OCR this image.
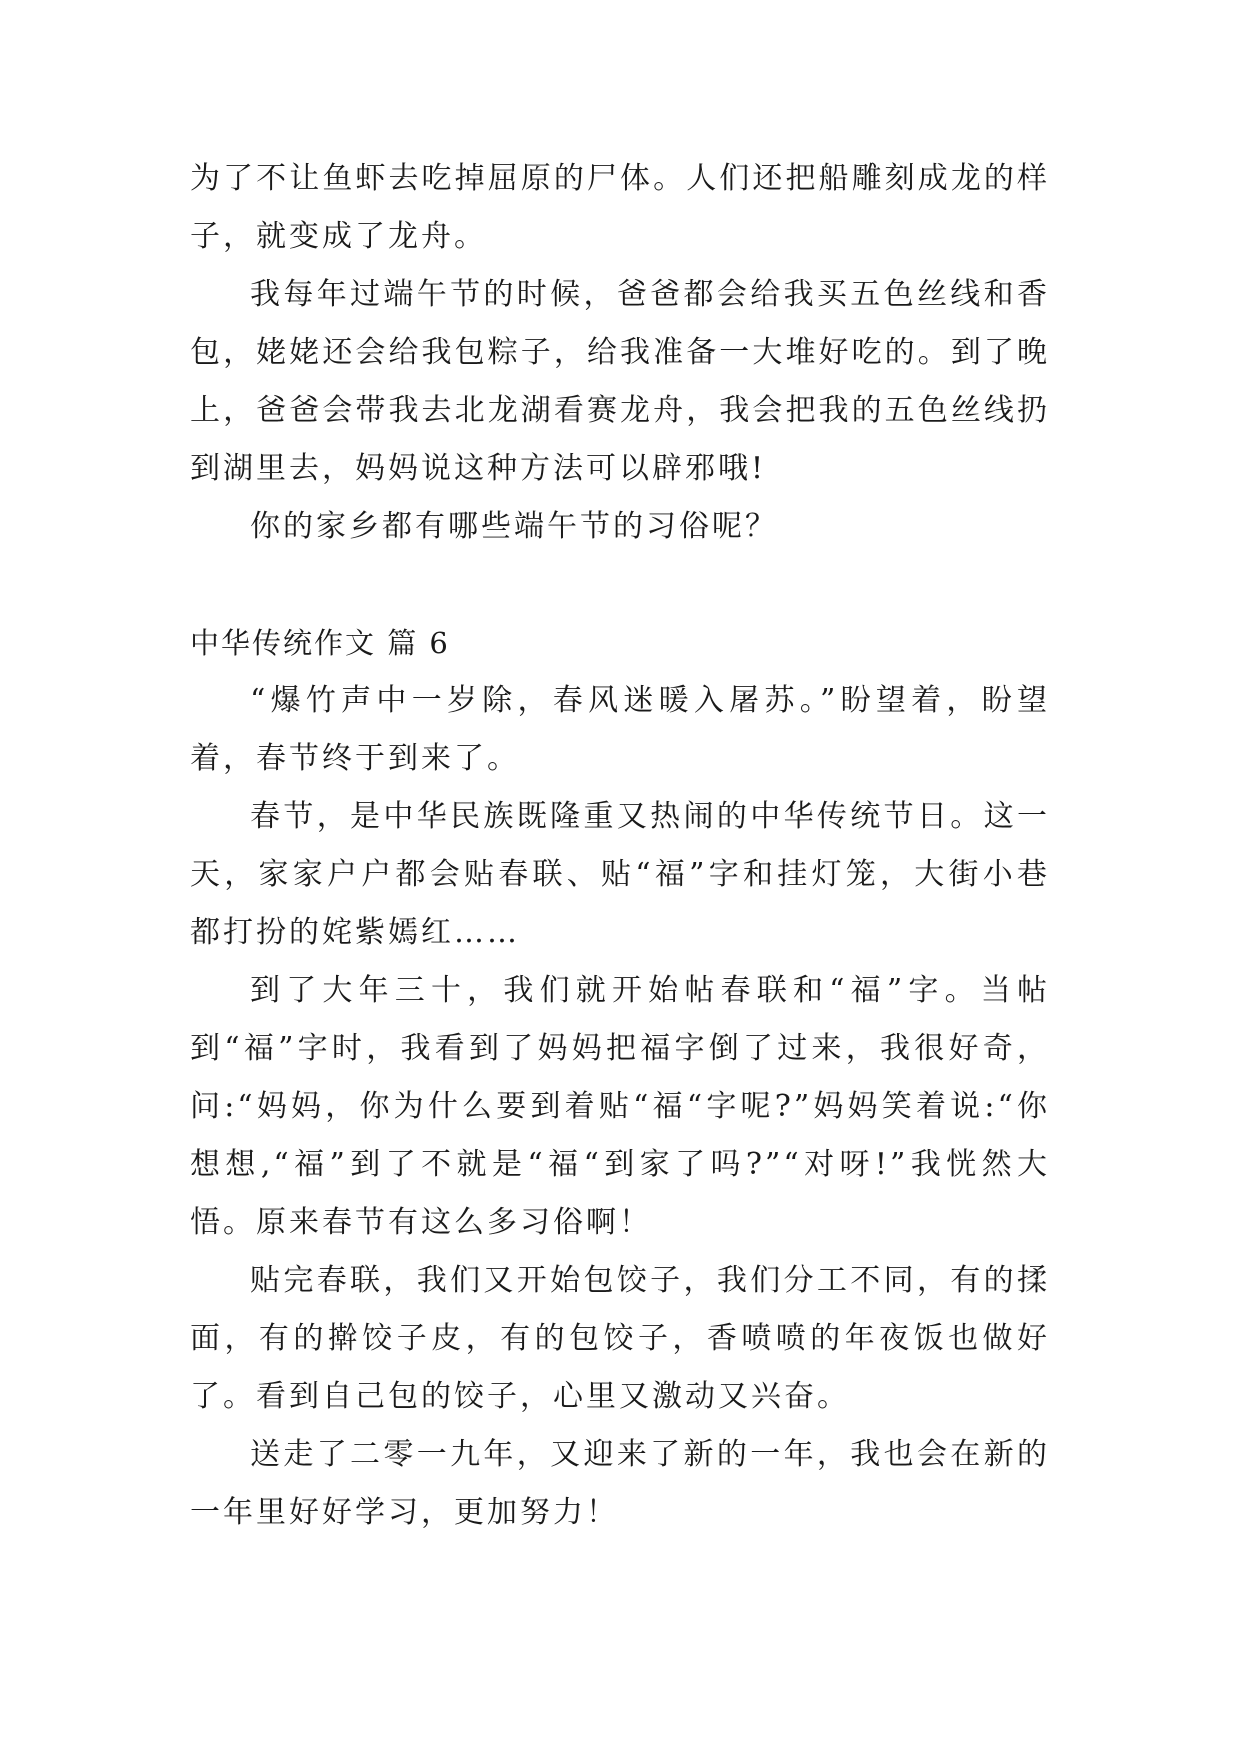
为了不让鱼虾去吃掉屈原的尸体。人们还把船雕刻成龙的样子，就变成了龙舟。

我每年过端午节的时候，爸爸都会给我买五色丝线和香包，姥姥还会给我包粽子，给我准备一大堆好吃的。到了晚上，爸爸会带我去北龙湖看赛龙舟，我会把我的五色丝线扔到湖里去，妈妈说这种方法可以辟邪哦!

你的家乡都有哪些端午节的习俗呢？

中华传统作文 篇 6

“爆竹声中一岁除，春风迷暖入屠苏。”盼望着，盼望着，春节终于到来了。

春节，是中华民族既隆重又热闹的中华传统节日。这一天，家家户户都会贴春联、贴“福”字和挂灯笼，大街小巷都打扮的姹紫嫣红……

到了大年三十，我们就开始帖春联和“福”字。当帖到“福”字时，我看到了妈妈把福字倒了过来，我很好奇，问:“妈妈，你为什么要到着贴“福“字呢?”妈妈笑着说:“你想想,“福”到了不就是“福“到家了吗?”“对呀!”我恍然大悟。原来春节有这么多习俗啊！

贴完春联，我们又开始包饺子，我们分工不同，有的揉面，有的擀饺子皮，有的包饺子，香喷喷的年夜饭也做好了。看到自己包的饺子，心里又激动又兴奋。

送走了二零一九年，又迎来了新的一年，我也会在新的一年里好好学习，更加努力！
